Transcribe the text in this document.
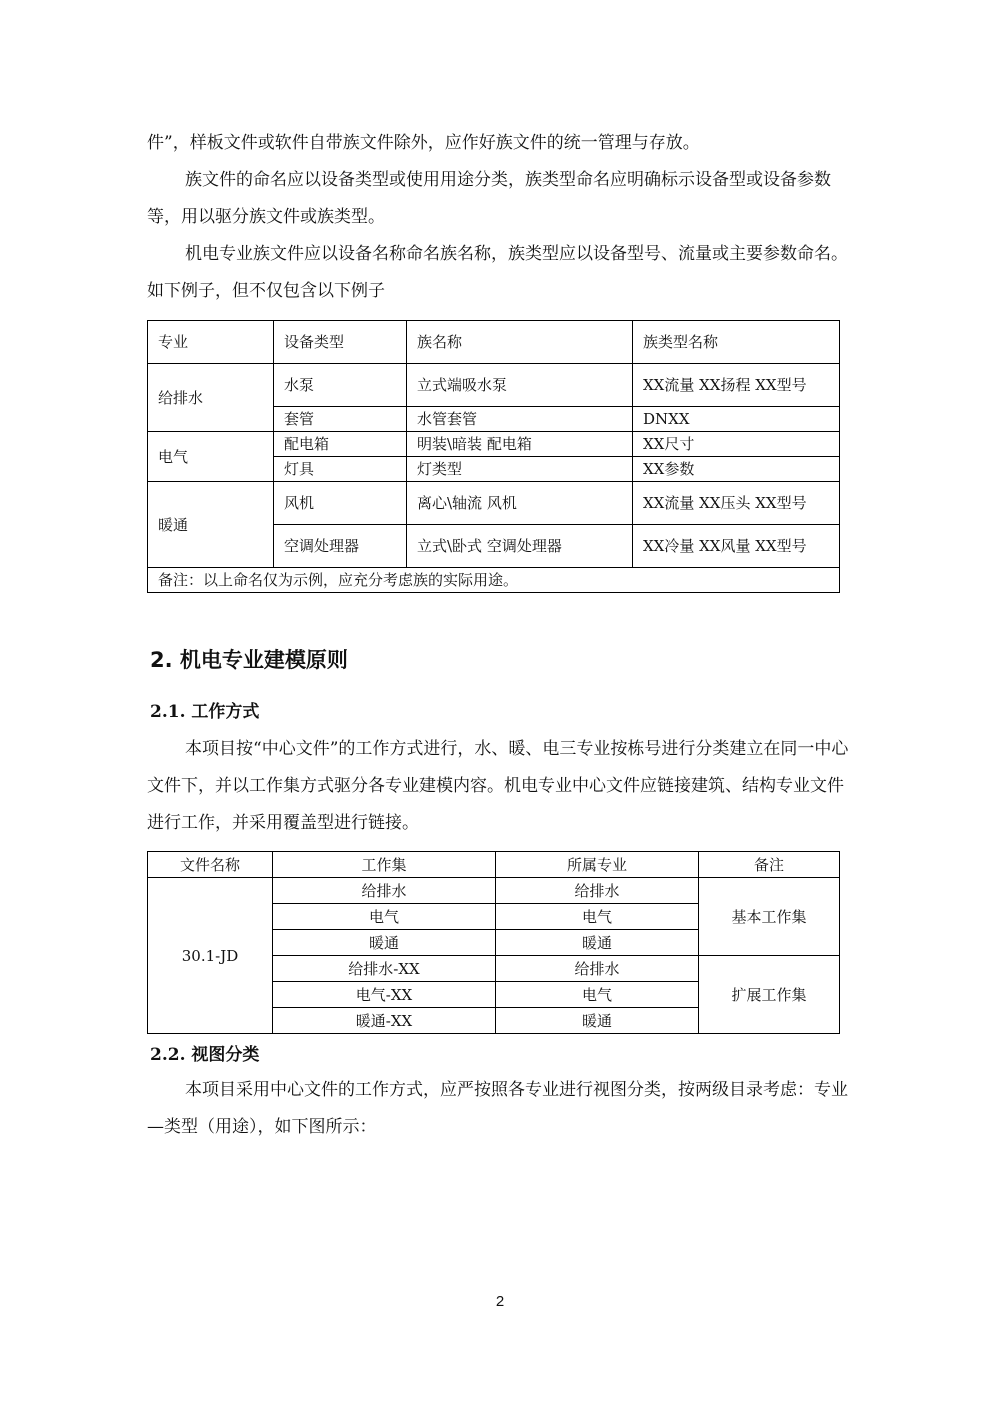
件”，样板文件或软件自带族文件除外，应作好族文件的统一管理与存放。

族文件的命名应以设备类型或使用用途分类，族类型命名应明确标示设备型或设备参数等，用以驱分族文件或族类型。

机电专业族文件应以设备名称命名族名称，族类型应以设备型号、流量或主要参数命名。如下例子，但不仅包含以下例子

专业	设备类型	族名称	族类型名称
给排水	水泵	立式端吸水泵	XX流量 XX扬程 XX型号
	套管	水管套管	DNXX
电气	配电箱	明装\暗装 配电箱	XX尺寸
	灯具	灯类型	XX参数
暖通	风机	离心\轴流 风机	XX流量 XX压头 XX型号
	空调处理器	立式\卧式 空调处理器	XX冷量 XX风量 XX型号
备注：以上命名仅为示例，应充分考虑族的实际用途。			
2. 机电专业建模原则
2.1. 工作方式

本项目按“中心文件”的工作方式进行，水、暖、电三专业按栋号进行分类建立在同一中心文件下，并以工作集方式驱分各专业建模内容。机电专业中心文件应链接建筑、结构专业文件进行工作，并采用覆盖型进行链接。

文件名称	工作集	所属专业	备注
30.1-JD	给排水	给排水	基本工作集
	电气	电气	
	暖通	暖通	
	给排水-XX	给排水	扩展工作集
	电气-XX	电气	
	暖通-XX	暖通	
2.2. 视图分类

本项目采用中心文件的工作方式，应严按照各专业进行视图分类，按两级目录考虑：专业—类型（用途），如下图所示：

2
